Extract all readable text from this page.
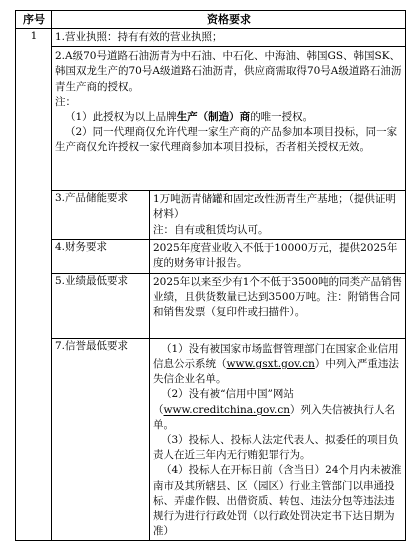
序号	资格要求	
1	1.营业执照：持有有效的营业执照；	

	2.A级70号道路石油沥青为中石油、中石化、中海油、韩国GS、韩国SK、韩国双龙生产的70号A级道路石油沥青，供应商需取得70号A级道路石油沥青生产商的授权。
注：
（1）此授权为以上品牌生产（制造）商的唯一授权。
（2）同一代理商仅允许代理一家生产商的产品参加本项目投标，同一家生产商仅允许授权一家代理商参加本项目投标，否者相关授权无效。	

	3.产品储能要求	1万吨沥青储罐和固定改性沥青生产基地；（提供证明材料）
注：自有或租赁均认可。

	4.财务要求	2025年度营业收入不低于10000万元，提供2025年度的财务审计报告。

	5.业绩最低要求	2025年以来至少有1个不低于3500吨的同类产品销售业绩，且供货数量已达到3500万吨。注：附销售合同和销售发票（复印件或扫描件）。

	7.信誉最低要求	（1）没有被国家市场监督管理部门在国家企业信用信息公示系统（www.gsxt.gov.cn）中列入严重违法失信企业名单。
（2）没有被“信用中国”网站（www.creditchina.gov.cn）列入失信被执行人名单。
（3）投标人、投标人法定代表人、拟委任的项目负责人在近三年内无行贿犯罪行为。
（4）投标人在开标日前（含当日）24个月内未被淮南市及其所辖县、区（园区）行业主管部门以串通投标、弄虚作假、出借资质、转包、违法分包等违法违规行为进行行政处罚（以行政处罚决定书下达日期为准）
